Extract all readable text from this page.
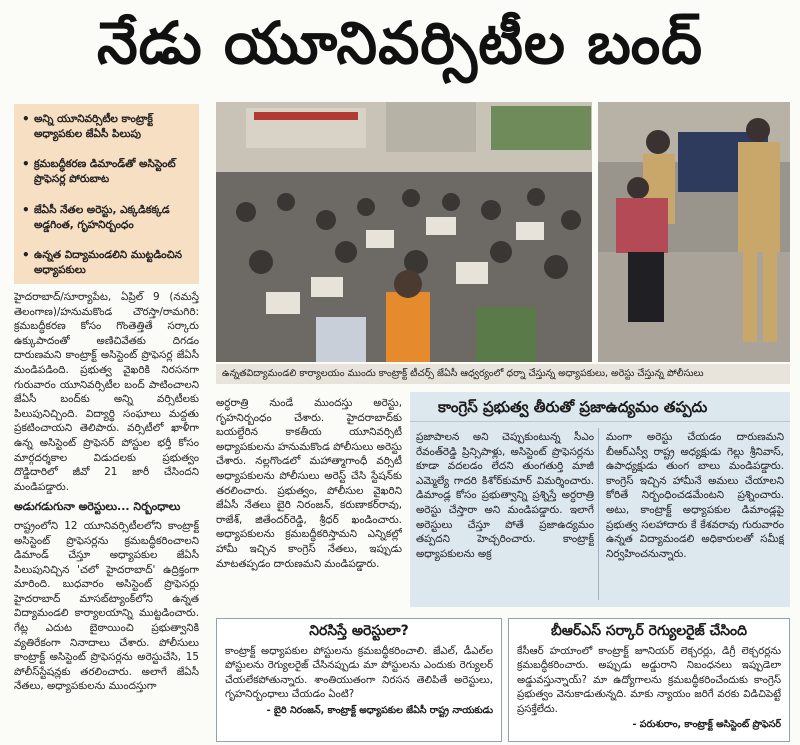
నేడు యూనివర్సిటీల బంద్
• అన్ని యూనివర్సిటీల కాంట్రాక్ట్ అధ్యాపకుల జేఏసీ పిలుపు
• క్రమబద్ధీకరణ డిమాండ్‌తో అసిస్టెంట్ ప్రొఫెసర్ల పోరుబాట
• జేఏసీ నేతల అరెస్టు, ఎక్కడికక్కడ అడ్డగింత, గృహనిర్బంధం
• ఉన్నత విద్యామండలిని ముట్టడించిన అధ్యాపకులు
ఉన్నతవిద్యామండలి కార్యాలయం ముందు కాంట్రాక్ట్ టీచర్స్ జేఏసీ ఆధ్వర్యంలో ధర్నా చేస్తున్న అధ్యాపకులు, అరెస్టు చేస్తున్న పోలీసులు

హైదరాబాద్/సూర్యాపేట, ఏప్రిల్ 9 (నమస్తే తెలంగాణ)/హనుమకొండ చౌరస్తా/రామగిరి: క్రమబద్ధీకరణ కోసం గొంతెత్తితే సర్కారు ఉక్కుపాదంతో అణిచివేతకు దిగడం దారుణమని కాంట్రాక్ట్ అసిస్టెంట్ ప్రొఫెసర్ల జేఏసీ మండిపడింది. ప్రభుత్వ వైఖరికి నిరసనగా గురువారం యూనివర్సిటీల బంద్ పాటించాలని జేఏసీ బంద్‌కు అన్ని వర్సిటీలకు పిలుపునిచ్చింది. విద్యార్థి సంఘాలు మద్దతు ప్రకటించాయని తెలిపారు. వర్సిటీలో ఖాళీగా ఉన్న అసిస్టెంట్ ప్రొఫెసర్ పోస్టుల భర్తీ కోసం మార్గదర్శకాల విడుదలకు ప్రభుత్వం దొడ్డిదారిలో జీవో 21 జారీ చేసిందని మండిపడ్డారు.

అడుగడుగునా అరెస్టులు... నిర్బంధాలు

రాష్ట్రంలోని 12 యూనివర్సిటీలలోని కాంట్రాక్ట్ అసిస్టెంట్ ప్రొఫెసర్లను క్రమబద్ధీకరించాలని డిమాండ్ చేస్తూ అధ్యాపకుల జేఏసీ పిలుపునిచ్చిన 'చలో హైదరాబాద్' ఉద్రిక్తంగా మారింది. బుధవారం అసిస్టెంట్ ప్రొఫెసర్లు హైదరాబాద్ మాసబ్‌ట్యాంక్‌లోని ఉన్నత విద్యామండలి కార్యాలయాన్ని ముట్టడించారు. గేట్ల ఎదుట బైఠాయించి ప్రభుత్వానికి వ్యతిరేకంగా నినాదాలు చేశారు. పోలీసులు కాంట్రాక్ట్ అసిస్టెంట్ ప్రొఫెసర్లను అరెస్టుచేసి, 15 పోలీస్‌స్టేషన్లకు తరలించారు. అలాగే జేఏసీ నేతలు, అధ్యాపకులను ముందస్తుగా

అర్ధరాత్రి నుండే ముందస్తు అరెస్టు, గృహనిర్బంధం చేశారు. హైదరాబాద్‌కు బయల్దేరిన కాకతీయ యూనివర్సిటీ అధ్యాపకులను హనుమకొండ పోలీసులు అరెస్టు చేశారు. నల్లగొండలో మహాత్మాగాంధీ వర్సిటీ అధ్యాపకులను పోలీసులు అరెస్ట్ చేసి స్టేషన్‌కు తరలించారు. ప్రభుత్వం, పోలీసుల వైఖరిని జేఏసీ నేతలు బైరి నిరంజన్, కరుణాకర్‌రావు, రాజేశ్, జితేందర్‌రెడ్డి, శ్రీధర్ ఖండించారు. అధ్యాపకులను క్రమబద్ధీకరిస్తామని ఎన్నికల్లో హామీ ఇచ్చిన కాంగ్రెస్ నేతలు, ఇప్పుడు మాటతప్పడం దారుణమని మండిపడ్డారు.

కాంగ్రెస్ ప్రభుత్వ తీరుతో ప్రజాఉద్యమం తప్పదు
ప్రజాపాలన అని చెప్పుకుంటున్న సీఎం రేవంత్‌రెడ్డి ప్రిన్సిపాళ్లు, అసిస్టెంట్ ప్రొఫెసర్లను కూడా వదలడం లేదని తుంగతుర్తి మాజీ ఎమ్మెల్యే గాదరి కిశోర్‌కుమార్ విమర్శించారు. డిమాండ్ల కోసం ప్రభుత్వాన్ని ప్రశ్నిస్తే అర్ధరాత్రి అరెస్టు చేస్తారా అని మండిపడ్డారు. ఇలాగే అరెస్టులు చేస్తూ పోతే ప్రజాఉద్యమం తప్పదని హెచ్చరించారు. కాంట్రాక్ట్ అధ్యాపకులను అక్ర
మంగా అరెస్టు చేయడం దారుణమని బీఆర్‌ఎస్వీ రాష్ట్ర అధ్యక్షుడు గెల్లు శ్రీనివాస్, ఉపాధ్యక్షుడు తుంగ బాలు మండిపడ్డారు. కాంగ్రెస్ ఇచ్చిన హామీనే అమలు చేయాలని కోరితే నిర్బంధించడమేంటని ప్రశ్నించారు. అటు, కాంట్రాక్ట్ అధ్యాపకుల డిమాండ్లపై ప్రభుత్వ సలహాదారు కే కేశవరావు గురువారం ఉన్నత విద్యామండలి అధికారులతో సమీక్ష నిర్వహించనున్నారు.
నిరసిస్తే అరెస్టులా?
కాంట్రాక్ట్ అధ్యాపకుల పోస్టులను క్రమబద్ధీకరించాలి. జేఎల్, డీఎల్‌ల పోస్టులను రెగ్యులరైజ్ చేసినప్పుడు మా పోస్టులను ఎందుకు రెగ్యులర్ చేయలేకపోతున్నారు. శాంతియుతంగా నిరసన తెలిపితే అరెస్టులు, గృహనిర్బంధాలు చేయడం ఏంటి?
- బైరి నిరంజన్, కాంట్రాక్ట్ అధ్యాపకుల జేఏసీ రాష్ట్ర నాయకుడు
బీఆర్‌ఎస్ సర్కార్ రెగ్యులరైజ్ చేసింది
కేసీఆర్ హయాంలో కాంట్రాక్ట్ జూనియర్ లెక్చరర్లు, డిగ్రీ లెక్చరర్లను క్రమబద్ధీకరించారు. అప్పుడు అడ్డురాని నిబంధనలు ఇప్పుడెలా అడ్డువస్తున్నాయ్? మా ఉద్యోగాలను క్రమబద్ధీకరించేందుకు కాంగ్రెస్ ప్రభుత్వం వెనుకాడుతున్నది. మాకు న్యాయం జరిగే వరకు విడిచిపెట్టే ప్రసక్తేలేదు.
- పరుశురాం, కాంట్రాక్ట్ అసిస్టెంట్ ప్రొఫెసర్
